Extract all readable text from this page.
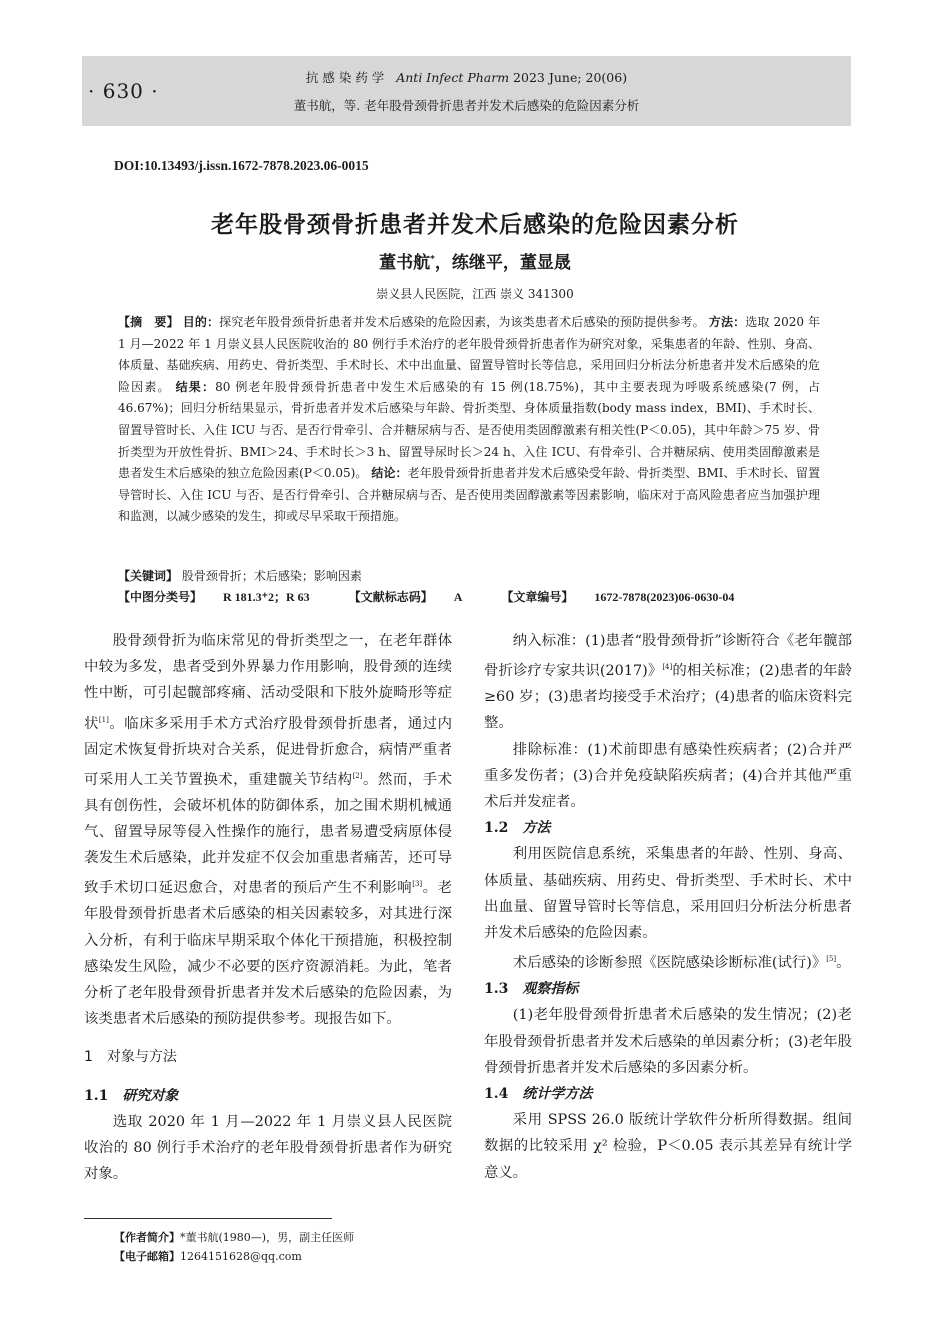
· 630 ·
抗 感 染 药 学 Anti Infect Pharm 2023 June; 20(06)
董书航，等. 老年股骨颈骨折患者并发术后感染的危险因素分析
DOI:10.13493/j.issn.1672-7878.2023.06-0015
老年股骨颈骨折患者并发术后感染的危险因素分析
董书航*，练继平，董显晟
崇义县人民医院，江西 崇义 341300
【摘　要】 目的：探究老年股骨颈骨折患者并发术后感染的危险因素，为该类患者术后感染的预防提供参考。 方法：选取 2020 年 1 月—2022 年 1 月崇义县人民医院收治的 80 例行手术治疗的老年股骨颈骨折患者作为研究对象，采集患者的年龄、性别、身高、体质量、基础疾病、用药史、骨折类型、手术时长、术中出血量、留置导管时长等信息，采用回归分析法分析患者并发术后感染的危险因素。 结果：80 例老年股骨颈骨折患者中发生术后感染的有 15 例(18.75%)，其中主要表现为呼吸系统感染(7 例，占 46.67%)；回归分析结果显示，骨折患者并发术后感染与年龄、骨折类型、身体质量指数(body mass index，BMI)、手术时长、留置导管时长、入住 ICU 与否、是否行骨牵引、合并糖尿病与否、是否使用类固醇激素有相关性(P＜0.05)，其中年龄＞75 岁、骨折类型为开放性骨折、BMI＞24、手术时长＞3 h、留置导尿时长＞24 h、入住 ICU、有骨牵引、合并糖尿病、使用类固醇激素是患者发生术后感染的独立危险因素(P＜0.05)。 结论：老年股骨颈骨折患者并发术后感染受年龄、骨折类型、BMI、手术时长、留置导管时长、入住 ICU 与否、是否行骨牵引、合并糖尿病与否、是否使用类固醇激素等因素影响，临床对于高风险患者应当加强护理和监测，以减少感染的发生，抑或尽早采取干预措施。
【关键词】 股骨颈骨折；术后感染；影响因素
【中图分类号】 R 181.3⁺2；R 63	【文献标志码】 A	【文章编号】 1672-7878(2023)06-0630-04

股骨颈骨折为临床常见的骨折类型之一，在老年群体中较为多发，患者受到外界暴力作用影响，股骨颈的连续性中断，可引起髋部疼痛、活动受限和下肢外旋畸形等症状[1]。临床多采用手术方式治疗股骨颈骨折患者，通过内固定术恢复骨折块对合关系，促进骨折愈合，病情严重者可采用人工关节置换术，重建髋关节结构[2]。然而，手术具有创伤性，会破坏机体的防御体系，加之围术期机械通气、留置导尿等侵入性操作的施行，患者易遭受病原体侵袭发生术后感染，此并发症不仅会加重患者痛苦，还可导致手术切口延迟愈合，对患者的预后产生不利影响[3]。老年股骨颈骨折患者术后感染的相关因素较多，对其进行深入分析，有利于临床早期采取个体化干预措施，积极控制感染发生风险，减少不必要的医疗资源消耗。为此，笔者分析了老年股骨颈骨折患者并发术后感染的危险因素，为该类患者术后感染的预防提供参考。现报告如下。

1　对象与方法
1.1 研究对象

选取 2020 年 1 月—2022 年 1 月崇义县人民医院收治的 80 例行手术治疗的老年股骨颈骨折患者作为研究对象。

纳入标准：(1)患者“股骨颈骨折”诊断符合《老年髋部骨折诊疗专家共识(2017)》[4]的相关标准；(2)患者的年龄≥60 岁；(3)患者均接受手术治疗；(4)患者的临床资料完整。

排除标准：(1)术前即患有感染性疾病者；(2)合并严重多发伤者；(3)合并免疫缺陷疾病者；(4)合并其他严重术后并发症者。

1.2 方法

利用医院信息系统，采集患者的年龄、性别、身高、体质量、基础疾病、用药史、骨折类型、手术时长、术中出血量、留置导管时长等信息，采用回归分析法分析患者并发术后感染的危险因素。

术后感染的诊断参照《医院感染诊断标准(试行)》[5]。

1.3 观察指标

(1)老年股骨颈骨折患者术后感染的发生情况；(2)老年股骨颈骨折患者并发术后感染的单因素分析；(3)老年股骨颈骨折患者并发术后感染的多因素分析。

1.4 统计学方法

采用 SPSS 26.0 版统计学软件分析所得数据。组间数据的比较采用 χ² 检验，P＜0.05 表示其差异有统计学意义。

【作者简介】*董书航(1980—)，男，副主任医师
【电子邮箱】1264151628@qq.com
